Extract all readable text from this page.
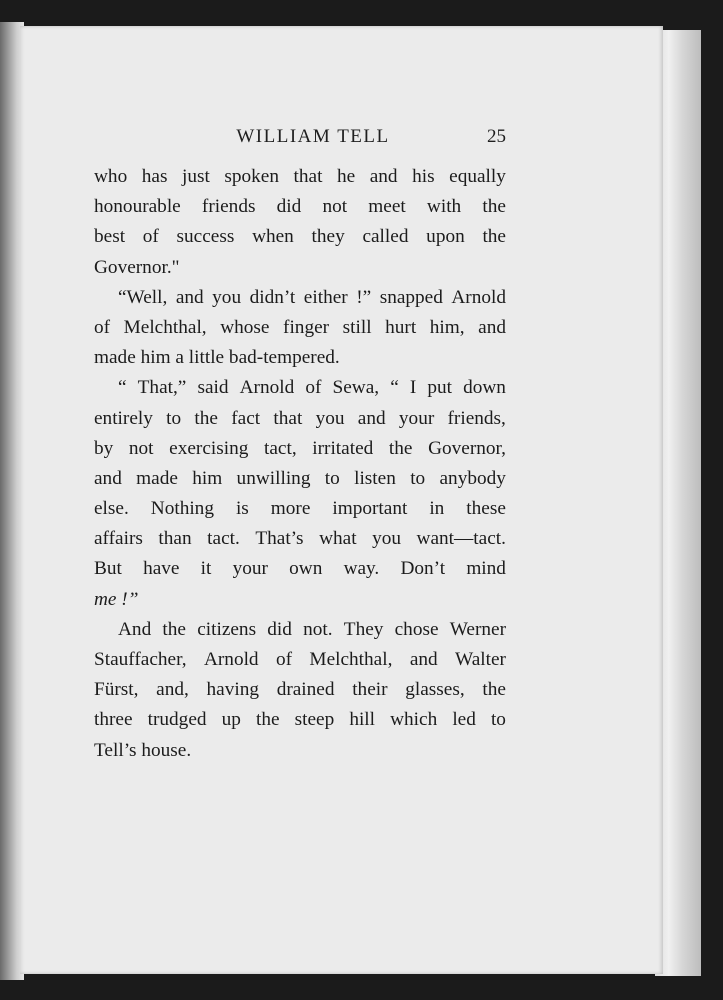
WILLIAM TELL	25
who has just spoken that he and his equally
honourable friends did not meet with the
best of success when they called upon the
Governor."
“Well, and you didn’t either !” snapped Arnold
of Melchthal, whose finger still hurt him, and
made him a little bad-tempered.
“ That,” said Arnold of Sewa, “ I put down
entirely to the fact that you and your friends,
by not exercising tact, irritated the Governor,
and made him unwilling to listen to anybody
else. Nothing is more important in these
affairs than tact. That’s what you want—tact.
But have it your own way. Don’t mind
me !”
And the citizens did not. They chose Werner
Stauffacher, Arnold of Melchthal, and Walter
Fürst, and, having drained their glasses, the
three trudged up the steep hill which led to
Tell’s house.
